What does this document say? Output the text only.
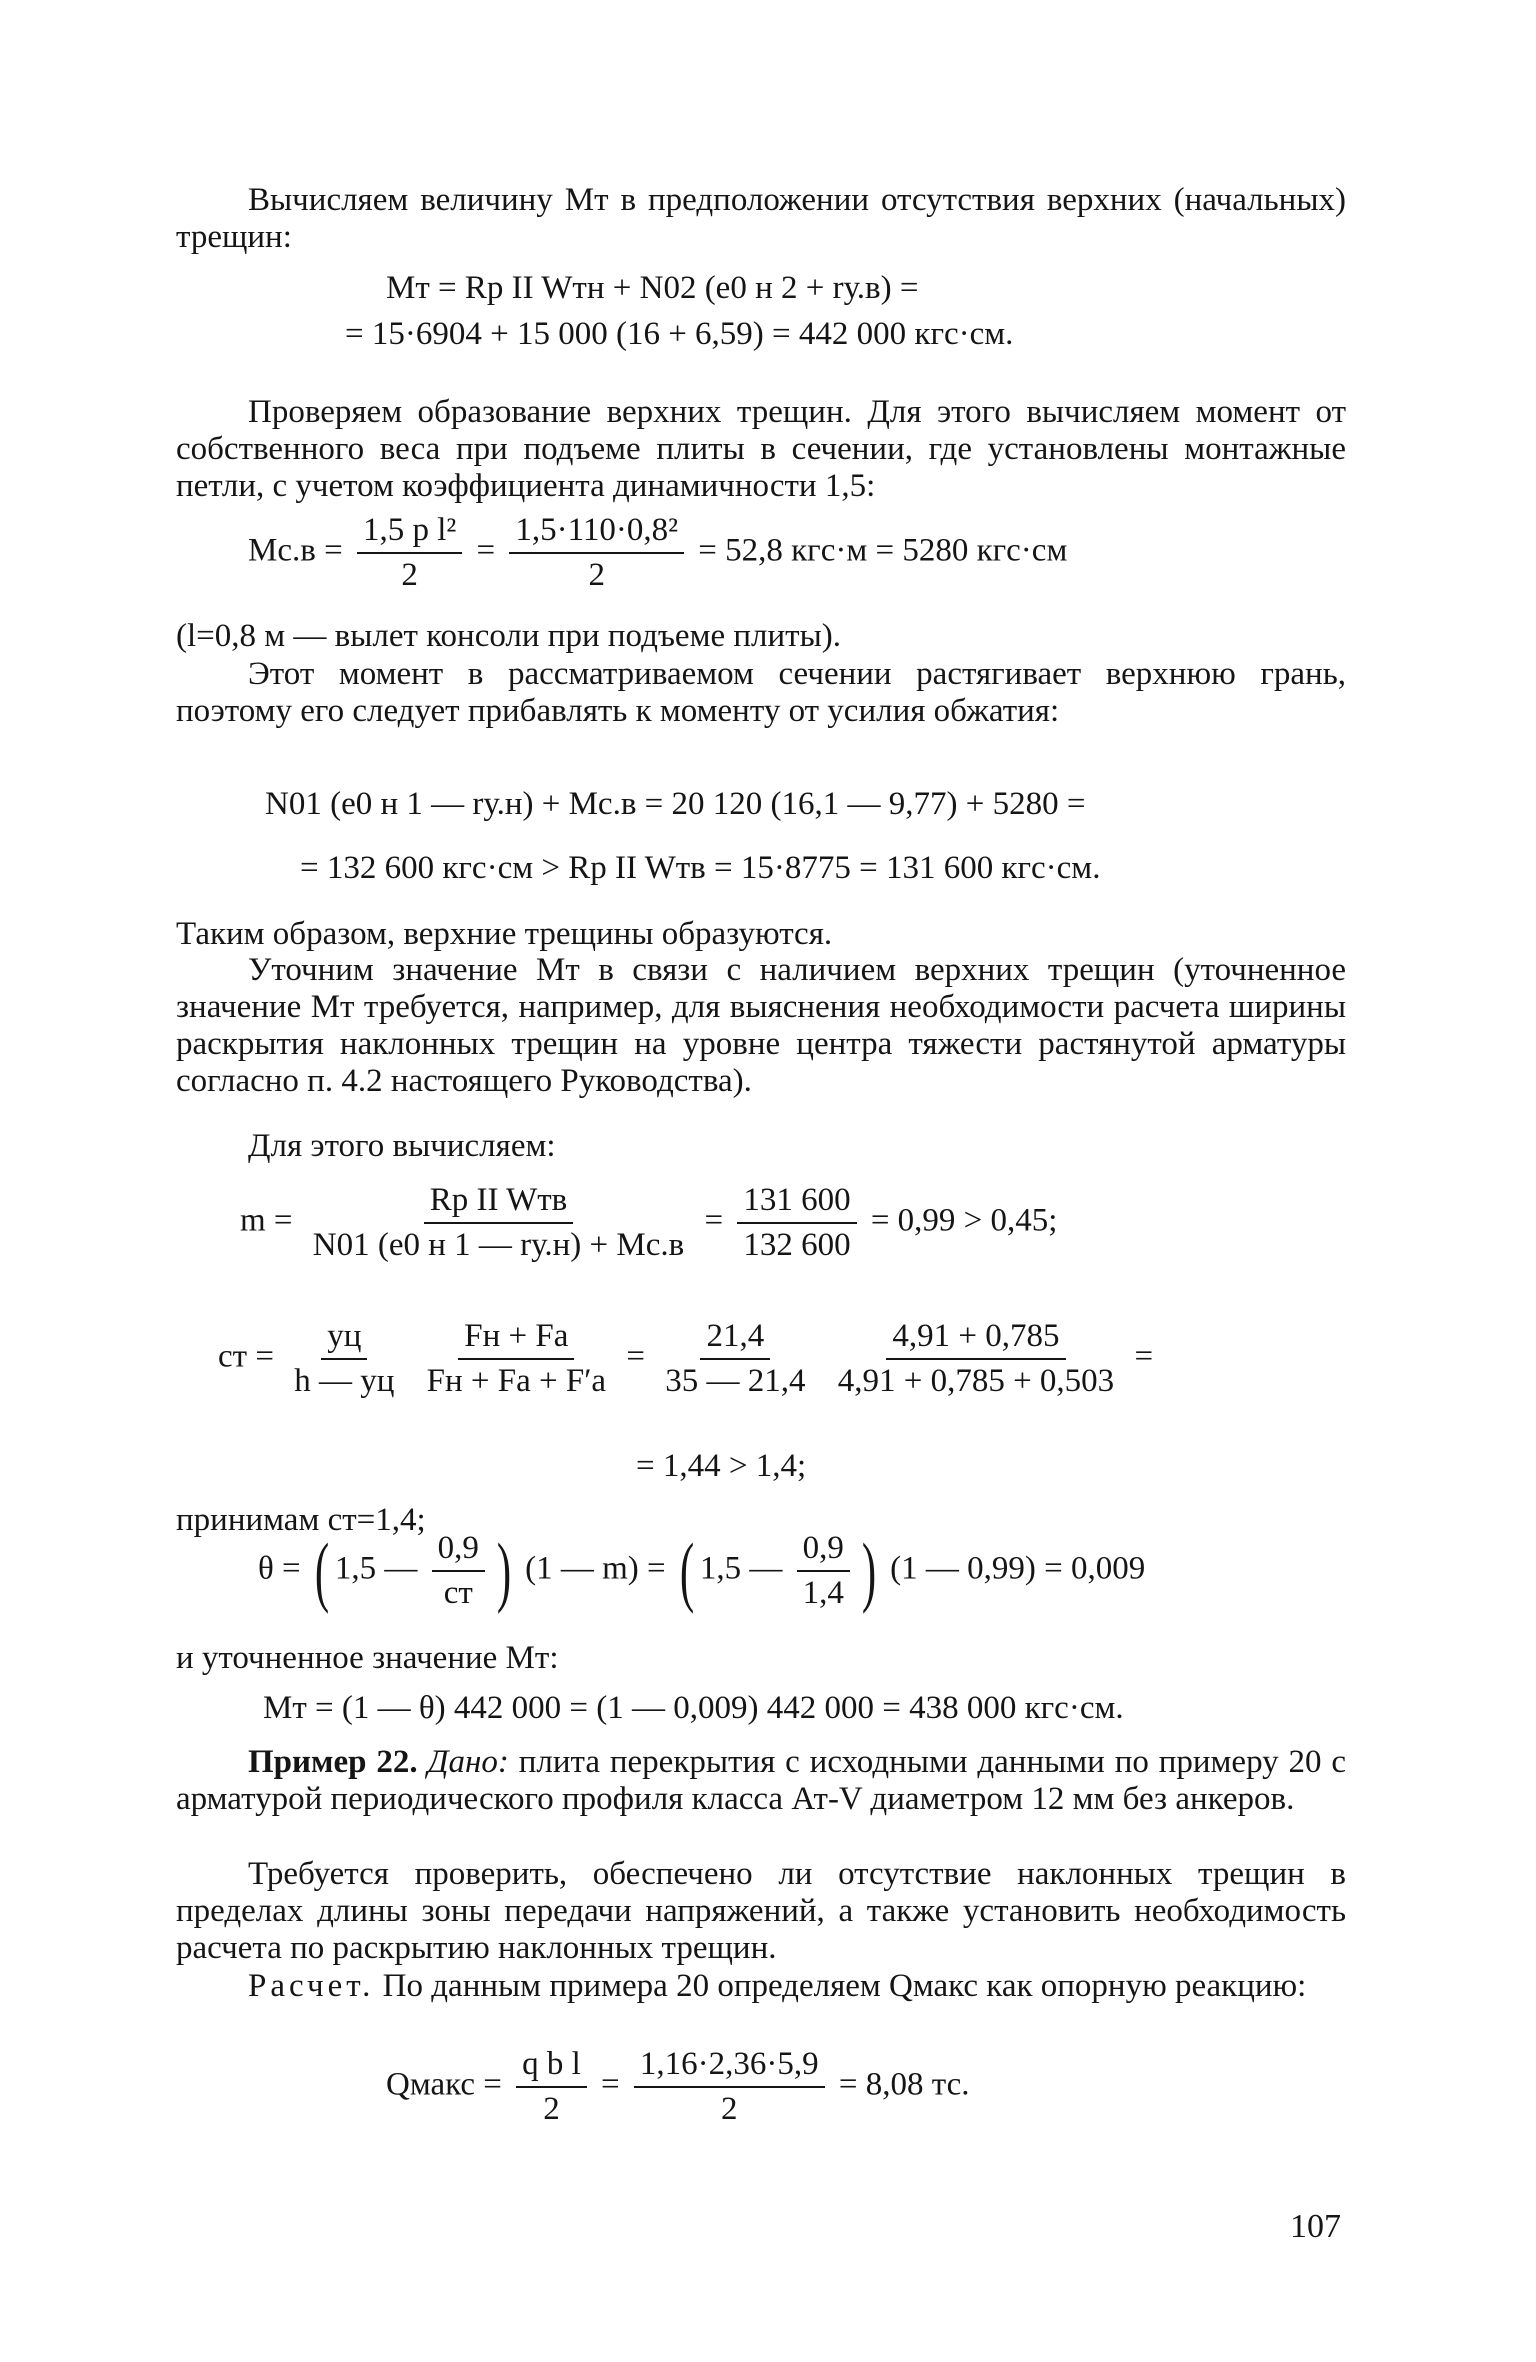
Вычисляем величину Mт в предположении отсутствия верхних (начальных) трещин:

Mт = Rр II Wтн + N02 (e0 н 2 + rу.в) =
= 15·6904 + 15 000 (16 + 6,59) = 442 000 кгс·см.

Проверяем образование верхних трещин. Для этого вычисляем момент от собственного веса при подъеме плиты в сечении, где установлены монтажные петли, с учетом коэффициента динамичности 1,5:

$Mс.в = \frac{\text{1,5 p l²}}{2} = \frac{\text{1,5·110·0,8²}}{2} = 52,8$ кгс·м = 5280 кгс·см

(l=0,8 м — вылет консоли при подъеме плиты).

Этот момент в рассматриваемом сечении растягивает верхнюю грань, поэтому его следует прибавлять к моменту от усилия обжатия:

N01 (e0 н 1 — rу.н) + Mс.в = 20 120 (16,1 — 9,77) + 5280 =
= 132 600 кгс·см > Rр II Wтв = 15·8775 = 131 600 кгс·см.

Таким образом, верхние трещины образуются.

Уточним значение Mт в связи с наличием верхних трещин (уточненное значение Mт требуется, например, для выяснения необходимости расчета ширины раскрытия наклонных трещин на уровне центра тяжести растянутой арматуры согласно п. 4.2 настоящего Руководства).

Для этого вычисляем:

$m = \frac{\text{Rр II Wтв}}{N01 (e0 н 1 — rу.н) + Mс.в} = \frac{131 600}{132 600} = 0,99 > 0,45$;
cт = $\frac{yц}{h — yц}$
$\frac{Fн + Fа}{Fн + Fа + F'а} = \frac{21,4}{35 — 21,4}$
$\frac{4,91 + 0,785}{4,91 + 0,785 + 0,503}$ =
= 1,44 > 1,4;

принимам cт=1,4;

θ = ( 1,5 — $\frac{0,9}{cт}$ ) (1 — m) = ( 1,5 — $\frac{0,9}{1,4}$ ) (1 — 0,99) = 0,009

и уточненное значение Mт:

Mт = (1 — θ) 442 000 = (1 — 0,009) 442 000 = 438 000 кгс·см.

Пример 22. Дано: плита перекрытия с исходными данными по примеру 20 с арматурой периодического профиля класса Ат-V диаметром 12 мм без анкеров.

Требуется проверить, обеспечено ли отсутствие наклонных трещин в пределах длины зоны передачи напряжений, а также установить необходимость расчета по раскрытию наклонных трещин.

Расчет. По данным примера 20 определяем Qмакс как опорную реакцию:

Qмакс = $\frac{\text{q b l}}{2} = \frac{1,16\cdot 2,36\cdot 5,9}{2} = 8,08$ тс.
107
